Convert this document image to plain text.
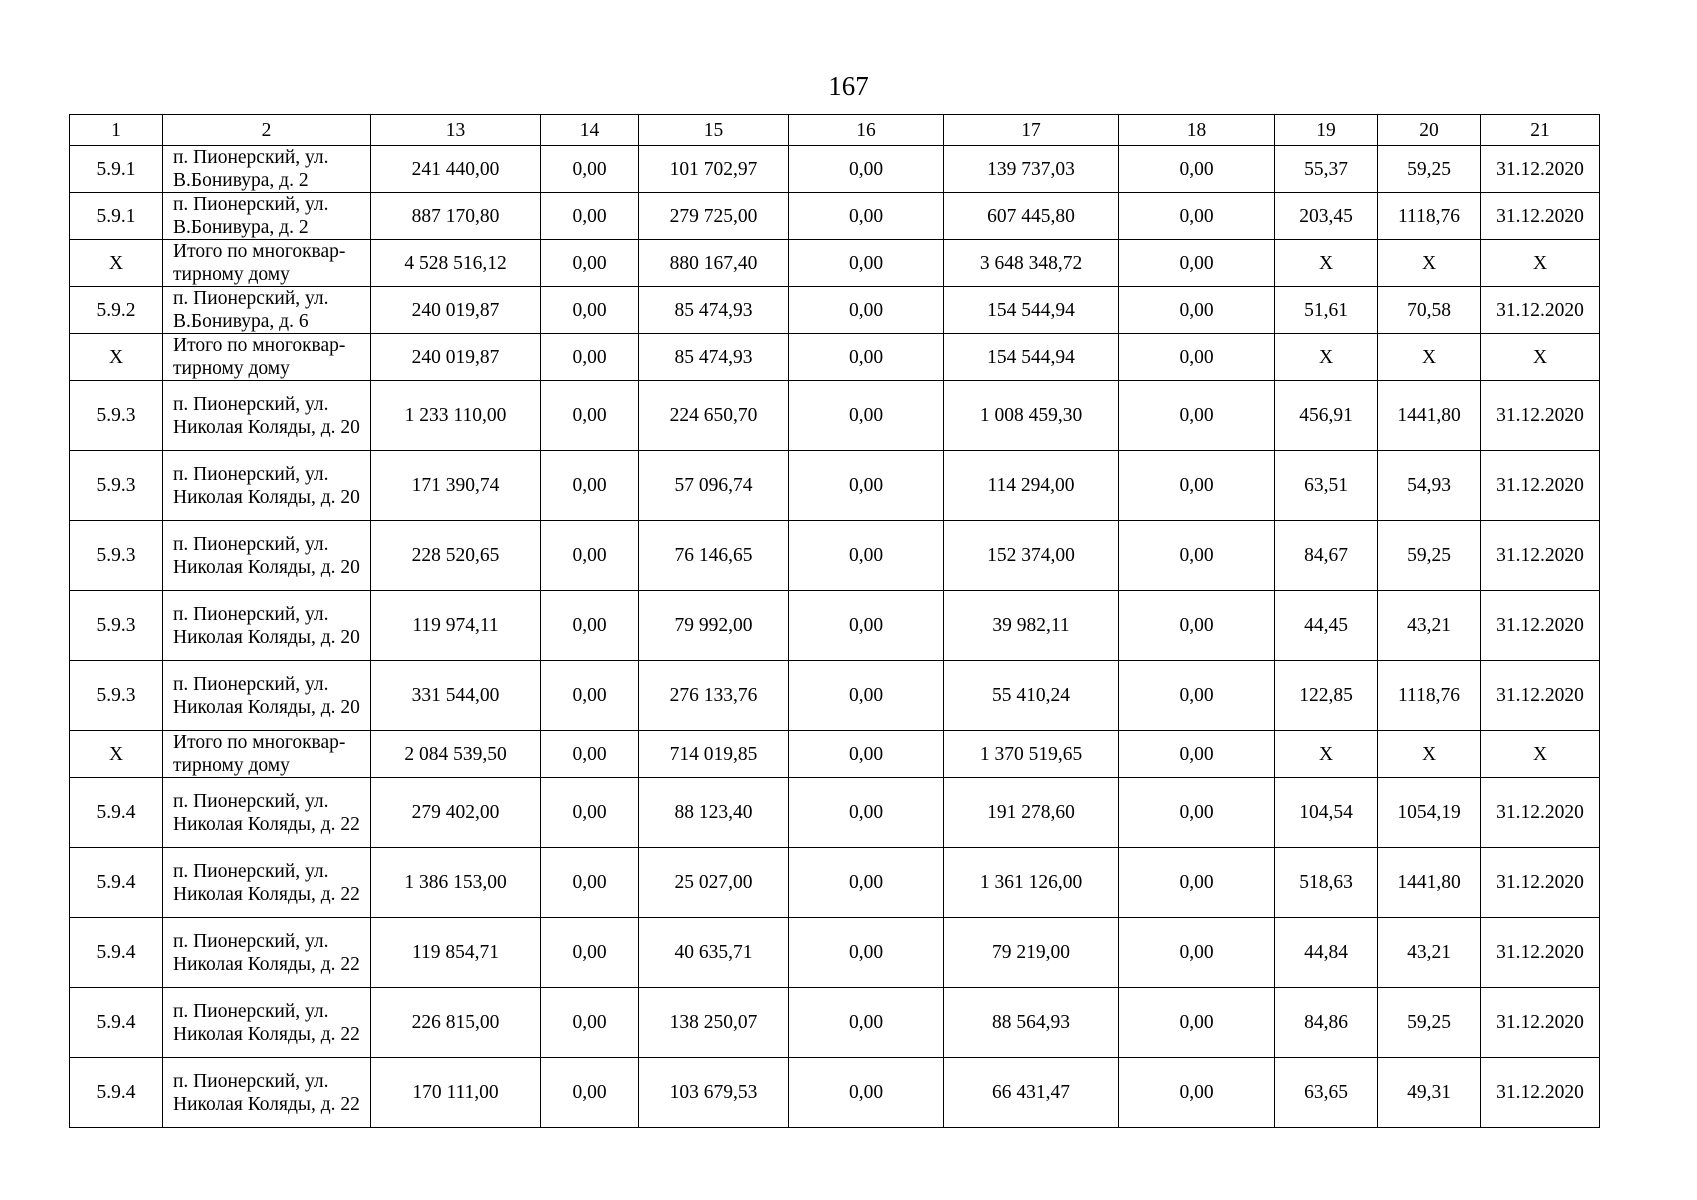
167
1	2	13	14	15	16	17	18	19	20	21
5.9.1	п. Пионерский, ул. В.Бонивура, д. 2	241 440,00	0,00	101 702,97	0,00	139 737,03	0,00	55,37	59,25	31.12.2020
5.9.1	п. Пионерский, ул. В.Бонивура, д. 2	887 170,80	0,00	279 725,00	0,00	607 445,80	0,00	203,45	1118,76	31.12.2020
Х	Итого по многоквар-тирному дому	4 528 516,12	0,00	880 167,40	0,00	3 648 348,72	0,00	Х	Х	Х
5.9.2	п. Пионерский, ул. В.Бонивура, д. 6	240 019,87	0,00	85 474,93	0,00	154 544,94	0,00	51,61	70,58	31.12.2020
Х	Итого по многоквар-тирному дому	240 019,87	0,00	85 474,93	0,00	154 544,94	0,00	Х	Х	Х
5.9.3	п. Пионерский, ул. Николая Коляды, д. 20	1 233 110,00	0,00	224 650,70	0,00	1 008 459,30	0,00	456,91	1441,80	31.12.2020
5.9.3	п. Пионерский, ул. Николая Коляды, д. 20	171 390,74	0,00	57 096,74	0,00	114 294,00	0,00	63,51	54,93	31.12.2020
5.9.3	п. Пионерский, ул. Николая Коляды, д. 20	228 520,65	0,00	76 146,65	0,00	152 374,00	0,00	84,67	59,25	31.12.2020
5.9.3	п. Пионерский, ул. Николая Коляды, д. 20	119 974,11	0,00	79 992,00	0,00	39 982,11	0,00	44,45	43,21	31.12.2020
5.9.3	п. Пионерский, ул. Николая Коляды, д. 20	331 544,00	0,00	276 133,76	0,00	55 410,24	0,00	122,85	1118,76	31.12.2020
Х	Итого по многоквар-тирному дому	2 084 539,50	0,00	714 019,85	0,00	1 370 519,65	0,00	Х	Х	Х
5.9.4	п. Пионерский, ул. Николая Коляды, д. 22	279 402,00	0,00	88 123,40	0,00	191 278,60	0,00	104,54	1054,19	31.12.2020
5.9.4	п. Пионерский, ул. Николая Коляды, д. 22	1 386 153,00	0,00	25 027,00	0,00	1 361 126,00	0,00	518,63	1441,80	31.12.2020
5.9.4	п. Пионерский, ул. Николая Коляды, д. 22	119 854,71	0,00	40 635,71	0,00	79 219,00	0,00	44,84	43,21	31.12.2020
5.9.4	п. Пионерский, ул. Николая Коляды, д. 22	226 815,00	0,00	138 250,07	0,00	88 564,93	0,00	84,86	59,25	31.12.2020
5.9.4	п. Пионерский, ул. Николая Коляды, д. 22	170 111,00	0,00	103 679,53	0,00	66 431,47	0,00	63,65	49,31	31.12.2020
